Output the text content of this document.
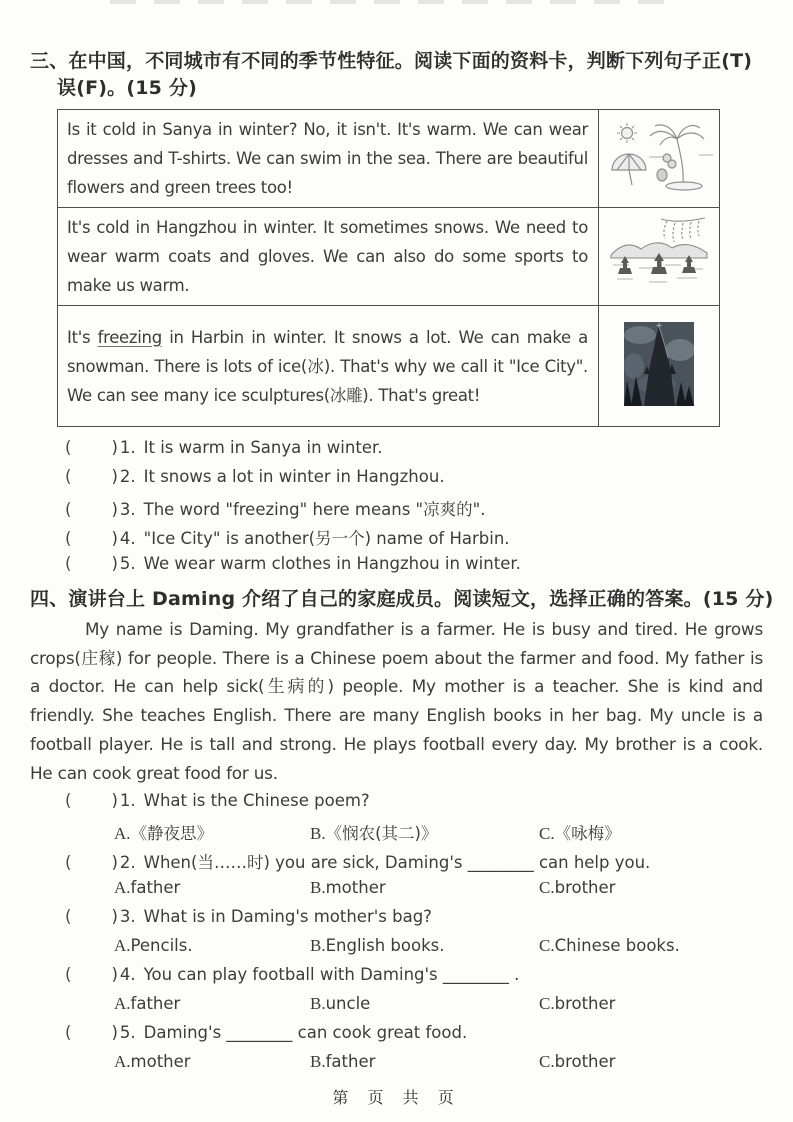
三、在中国，不同城市有不同的季节性特征。阅读下面的资料卡，判断下列句子正(T)
误(F)。(15 分)
Is it cold in Sanya in winter? No, it isn't. It's warm. We can wear dresses and T-shirts. We can swim in the sea. There are beautiful flowers and green trees too!	
It's cold in Hangzhou in winter. It sometimes snows. We need to wear warm coats and gloves. We can also do some sports to make us warm.	
It's freezing in Harbin in winter. It snows a lot. We can make a snowman. There is lots of ice(冰). That's why we call it "Ice City". We can see many ice sculptures(冰雕). That's great!	
( ) 1. It is warm in Sanya in winter.
( ) 2. It snows a lot in winter in Hangzhou.
( ) 3. The word "freezing" here means "凉爽的".
( ) 4. "Ice City" is another(另一个) name of Harbin.
( ) 5. We wear warm clothes in Hangzhou in winter.
四、演讲台上 Daming 介绍了自己的家庭成员。阅读短文，选择正确的答案。(15 分)
My name is Daming. My grandfather is a farmer. He is busy and tired. He grows crops(庄稼) for people. There is a Chinese poem about the farmer and food. My father is a doctor. He can help sick(生病的) people. My mother is a teacher. She is kind and friendly. She teaches English. There are many English books in her bag. My uncle is a football player. He is tall and strong. He plays football every day. My brother is a cook. He can cook great food for us.
( ) 1. What is the Chinese poem?
A.《静夜思》	B.《悯农(其二)》	C.《咏梅》
( ) 2. When(当……时) you are sick, Daming's ________ can help you.
A.father	B.mother	C.brother
( ) 3. What is in Daming's mother's bag?
A.Pencils.	B.English books.	C.Chinese books.
( ) 4. You can play football with Daming's ________ .
A.father	B.uncle	C.brother
( ) 5. Daming's ________ can cook great food.
A.mother	B.father	C.brother
第 页 共 页
